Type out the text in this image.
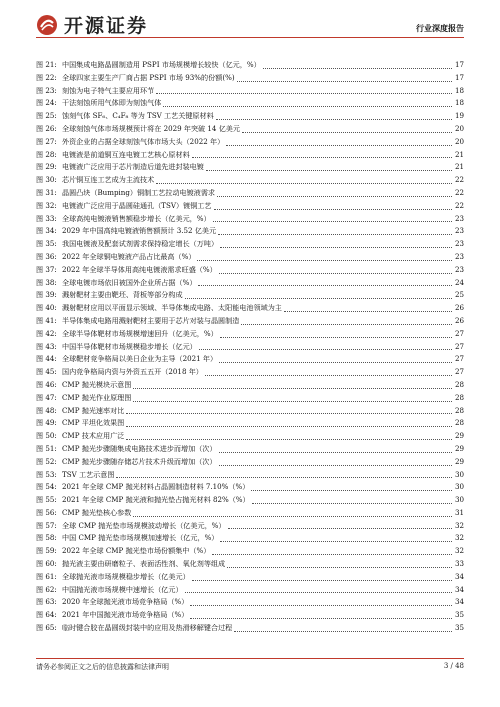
开源证券	行业深度报告
图 21: 中国集成电路晶圆制造用 PSPI 市场规模增长较快（亿元，%）	17
图 22: 全球四家主要生产厂商占据 PSPI 市场 93%的份额(%)	17
图 23: 刻蚀为电子特气主要应用环节	18
图 24: 干法刻蚀所用气体即为刻蚀气体	18
图 25: 蚀刻气体 SF₆、C₄F₈ 等为 TSV 工艺关键原材料	19
图 26: 全球刻蚀气体市场规模预计将在 2029 年突破 14 亿美元	20
图 27: 外资企业的占据全球刻蚀气体市场大头（2022 年）	20
图 28: 电镀液是前道铜互连电镀工艺核心原材料	21
图 29: 电镀液广泛应用于芯片制造后道先进封装电镀	21
图 30: 芯片铜互连工艺成为主流技术	22
图 31: 晶圆凸块（Bumping）铜制工艺拉动电镀液需求	22
图 32: 电镀液广泛应用于晶圆硅通孔（TSV）镀铜工艺	22
图 33: 全球高纯电镀液销售额稳步增长（亿美元，%）	23
图 34: 2029 年中国高纯电镀液销售额预计 3.52 亿美元	23
图 35: 我国电镀液及配套试剂需求保持稳定增长（万吨）	23
图 36: 2022 年全球铜电镀液产品占比最高（%）	23
图 37: 2022 年全球半导体用高纯电镀液需求旺盛（%）	23
图 38: 全球电镀市场依旧被国外企业所占据（%）	24
图 39: 溅射靶材主要由靶坯、背板等部分构成	25
图 40: 溅射靶材应用以平面显示领域、半导体集成电路、太阳能电池领域为主	26
图 41: 半导体集成电路用溅射靶材主要用于芯片对装与晶圆制造	26
图 42: 全球半导体靶材市场规模增速回升（亿美元，%）	27
图 43: 中国半导体靶材市场规模稳步增长（亿元）	27
图 44: 全球靶材竞争格局以美日企业为主导（2021 年）	27
图 45: 国内竞争格局内资与外资五五开（2018 年）	27
图 46: CMP 抛光模块示意图	28
图 47: CMP 抛光作业原理图	28
图 48: CMP 抛光速率对比	28
图 49: CMP 平坦化效果图	28
图 50: CMP 技术应用广泛	29
图 51: CMP 抛光步骤随集成电路技术进步而增加（次）	29
图 52: CMP 抛光步骤随存储芯片技术升级而增加（次）	29
图 53: TSV 工艺示意图	30
图 54: 2021 年全球 CMP 抛光材料占晶圆制造材料 7.10%（%）	30
图 55: 2021 年全球 CMP 抛光液和抛光垫占抛光材料 82%（%）	30
图 56: CMP 抛光垫核心参数	31
图 57: 全球 CMP 抛光垫市场规模波动增长（亿美元，%）	32
图 58: 中国 CMP 抛光垫市场规模加速增长（亿元，%）	32
图 59: 2022 年全球 CMP 抛光垫市场份额集中（%）	32
图 60: 抛光液主要由研磨粒子、表面活性剂、氧化剂等组成	33
图 61: 全球抛光液市场规模稳步增长（亿美元）	34
图 62: 中国抛光液市场规模中速增长（亿元）	34
图 63: 2020 年全球抛光液市场竞争格局（%）	34
图 64: 2021 年中国抛光液市场竞争格局（%）	35
图 65: 临时键合胶在晶圆级封装中的应用及热滑移解键合过程	35
请务必参阅正文之后的信息披露和法律声明	3 / 48
